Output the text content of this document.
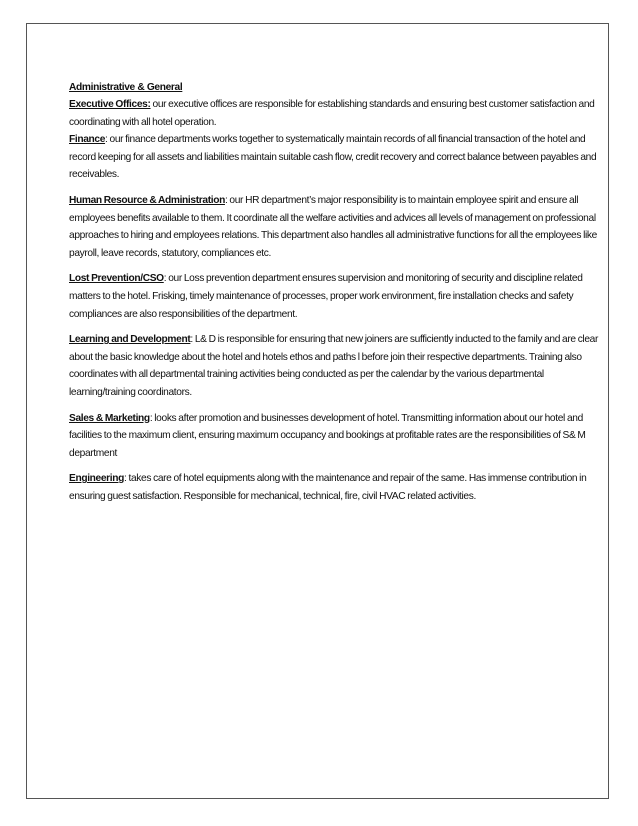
Administrative & General

Executive Offices: our executive offices are responsible for establishing standards and ensuring best customer satisfaction and coordinating with all hotel operation.

Finance: our finance departments works together to systematically maintain records of all financial transaction of the hotel and record keeping for all assets and liabilities maintain suitable cash flow, credit recovery and correct balance between payables and receivables.

Human Resource & Administration: our HR department’s major responsibility is to maintain employee spirit and ensure all employees benefits available to them. It coordinate all the welfare activities and advices all levels of management on professional approaches to hiring and employees relations. This department also handles all administrative functions for all the employees like payroll, leave records, statutory, compliances etc.

Lost Prevention/CSO: our Loss prevention department ensures supervision and monitoring of security and discipline related matters to the hotel. Frisking, timely maintenance of processes, proper work environment, fire installation checks and safety compliances are also responsibilities of the department.

Learning and Development: L& D is responsible for ensuring that new joiners are sufficiently inducted to the family and are clear about the basic knowledge about the hotel and hotels ethos and paths l before join their respective departments. Training also coordinates with all departmental training activities being conducted as per the calendar by the various departmental learning/training coordinators.

Sales & Marketing: looks after promotion and businesses development of hotel. Transmitting information about our hotel and facilities to the maximum client, ensuring maximum occupancy and bookings at profitable rates are the responsibilities of S& M department

Engineering: takes care of hotel equipments along with the maintenance and repair of the same. Has immense contribution in ensuring guest satisfaction. Responsible for mechanical, technical, fire, civil HVAC related activities.
